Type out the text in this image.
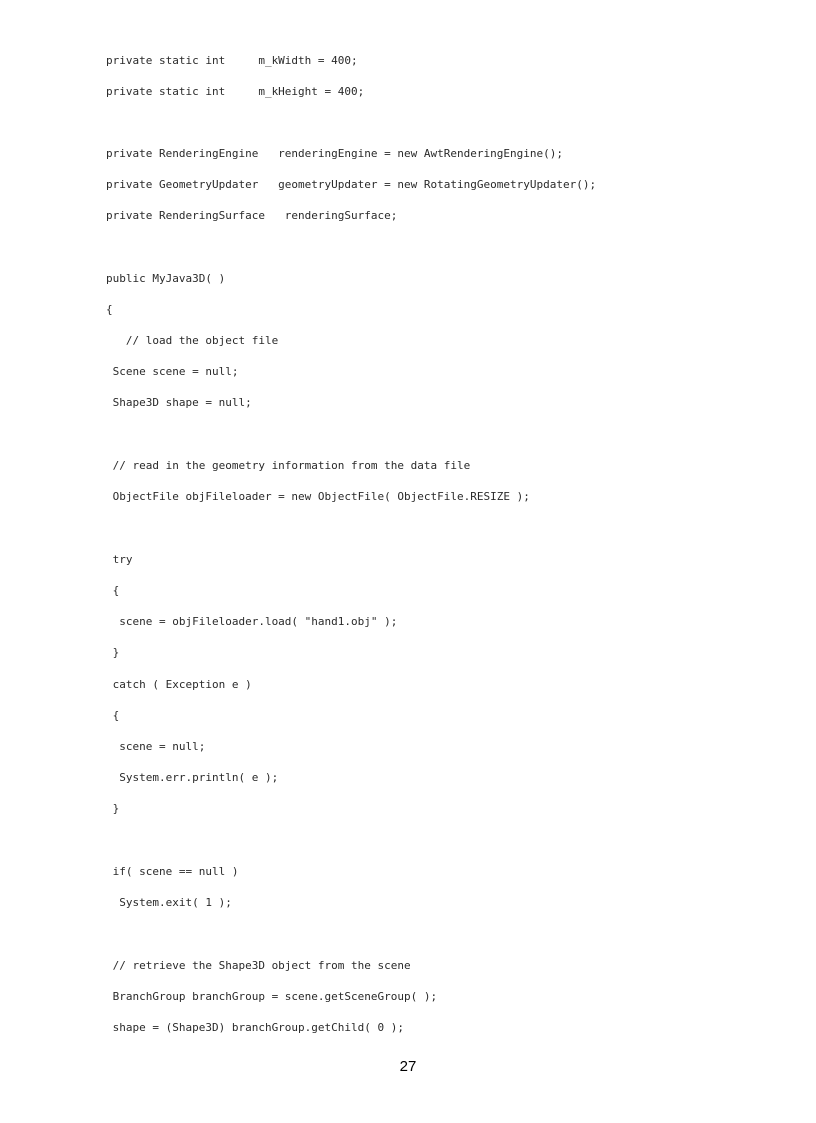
private static int     m_kWidth = 400;
private static int     m_kHeight = 400;
private RenderingEngine   renderingEngine = new AwtRenderingEngine();
private GeometryUpdater   geometryUpdater = new RotatingGeometryUpdater();
private RenderingSurface   renderingSurface;
public MyJava3D( )
{
// load the object file
Scene scene = null;
Shape3D shape = null;
// read in the geometry information from the data file
ObjectFile objFileloader = new ObjectFile( ObjectFile.RESIZE );
try
{
scene = objFileloader.load( "hand1.obj" );
}
catch ( Exception e )
{
scene = null;
System.err.println( e );
}
if( scene == null )
System.exit( 1 );
// retrieve the Shape3D object from the scene
BranchGroup branchGroup = scene.getSceneGroup( );
shape = (Shape3D) branchGroup.getChild( 0 );
27
